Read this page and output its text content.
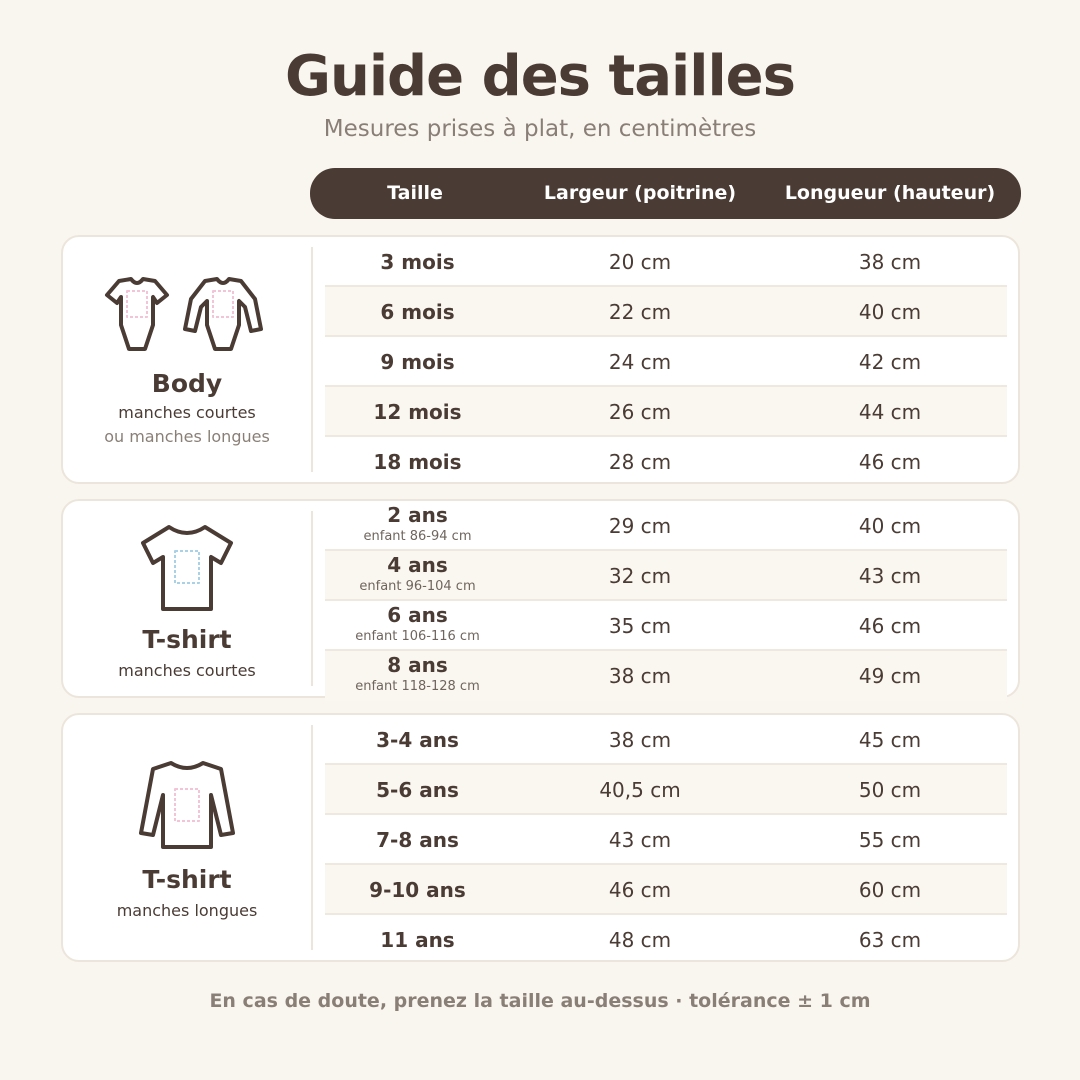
Guide des tailles
Mesures prises à plat, en centimètres
Taille	Largeur (poitrine)	Longueur (hauteur)
Body
manches courtes
ou manches longues
3 mois	20 cm	38 cm
6 mois	22 cm	40 cm
9 mois	24 cm	42 cm
12 mois	26 cm	44 cm
18 mois	28 cm	46 cm
T-shirt
manches courtes
2 ans
enfant 86-94 cm	29 cm	40 cm
4 ans
enfant 96-104 cm	32 cm	43 cm
6 ans
enfant 106-116 cm	35 cm	46 cm
8 ans
enfant 118-128 cm	38 cm	49 cm
T-shirt
manches longues
3-4 ans	38 cm	45 cm
5-6 ans	40,5 cm	50 cm
7-8 ans	43 cm	55 cm
9-10 ans	46 cm	60 cm
11 ans	48 cm	63 cm
En cas de doute, prenez la taille au-dessus · tolérance ± 1 cm
